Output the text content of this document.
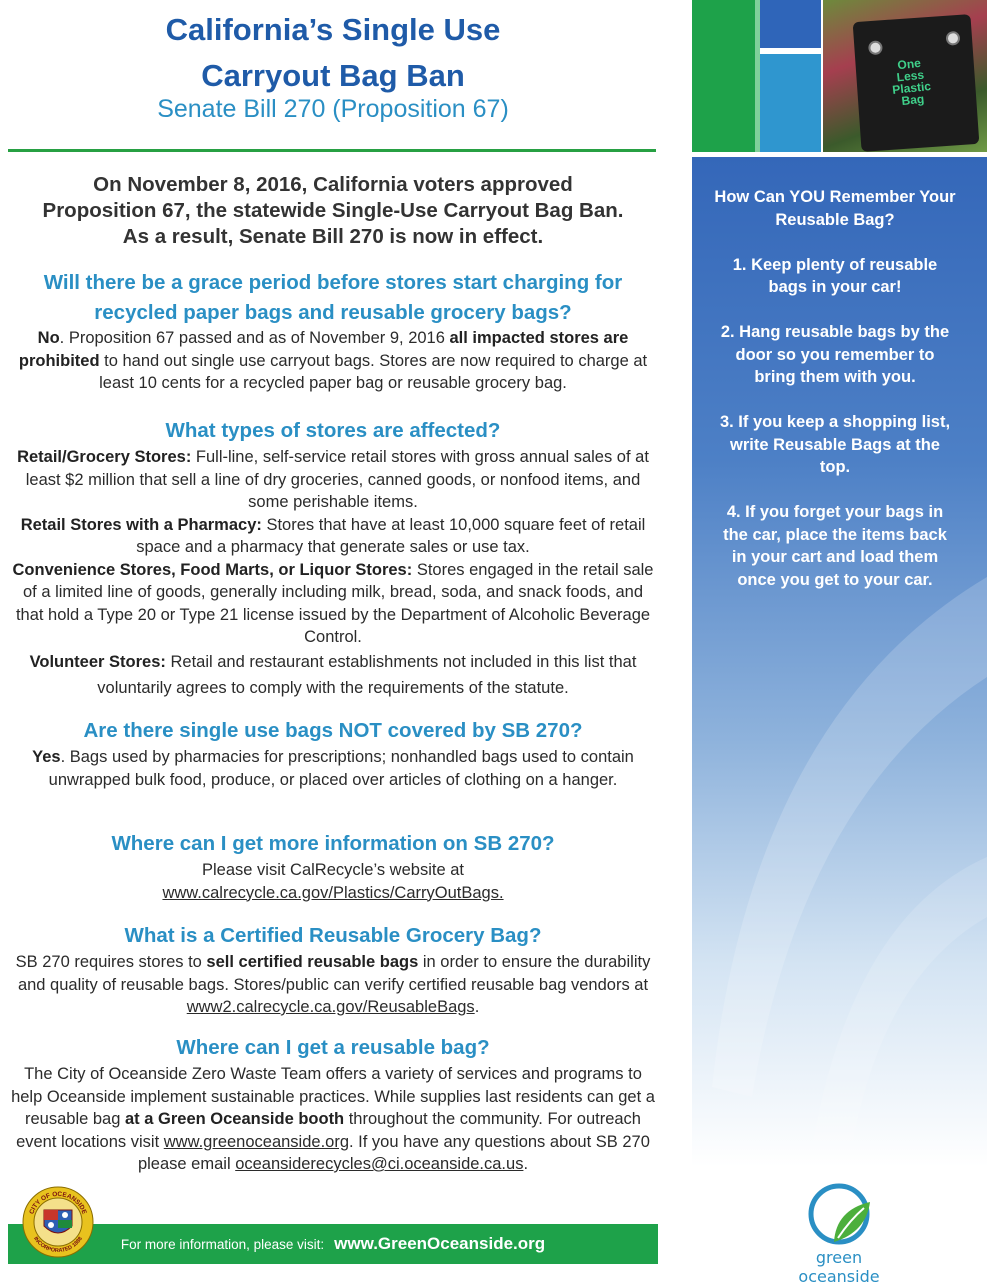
California’s Single Use
Carryout Bag Ban
Senate Bill 270 (Proposition 67)
On November 8, 2016, California voters approved
Proposition 67, the statewide Single-Use Carryout Bag Ban.
As a result, Senate Bill 270 is now in effect.
Will there be a grace period before stores start charging for
recycled paper bags and reusable grocery bags?
No. Proposition 67 passed and as of November 9, 2016 all impacted stores are prohibited to hand out single use carryout bags. Stores are now required to charge at least 10 cents for a recycled paper bag or reusable grocery bag.
What types of stores are affected?
Retail/Grocery Stores: Full-line, self-service retail stores with gross annual sales of at least $2 million that sell a line of dry groceries, canned goods, or nonfood items, and some perishable items.
Retail Stores with a Pharmacy: Stores that have at least 10,000 square feet of retail space and a pharmacy that generate sales or use tax.
Convenience Stores, Food Marts, or Liquor Stores: Stores engaged in the retail sale of a limited line of goods, generally including milk, bread, soda, and snack foods, and that hold a Type 20 or Type 21 license issued by the Department of Alcoholic Beverage Control.
Volunteer Stores: Retail and restaurant establishments not included in this list that voluntarily agrees to comply with the requirements of the statute.
Are there single use bags NOT covered by SB 270?
Yes. Bags used by pharmacies for prescriptions; nonhandled bags used to contain unwrapped bulk food, produce, or placed over articles of clothing on a hanger.
Where can I get more information on SB 270?
Please visit CalRecycle’s website at
www.calrecycle.ca.gov/Plastics/CarryOutBags.
What is a Certified Reusable Grocery Bag?
SB 270 requires stores to sell certified reusable bags in order to ensure the durability and quality of reusable bags. Stores/public can verify certified reusable bag vendors at www2.calrecycle.ca.gov/ReusableBags.
Where can I get a reusable bag?
The City of Oceanside Zero Waste Team offers a variety of services and programs to help Oceanside implement sustainable practices. While supplies last residents can get a reusable bag at a Green Oceanside booth throughout the community. For outreach event locations visit www.greenoceanside.org. If you have any questions about SB 270 please email oceansiderecycles@ci.oceanside.ca.us.
For more information, please visit: www.GreenOceanside.org
CITY OF OCEANSIDE
INCORPORATED 1888
One Less Plastic Bag
How Can YOU Remember Your Reusable Bag?
1. Keep plenty of reusable bags in your car!
2. Hang reusable bags by the door so you remember to bring them with you.
3. If you keep a shopping list, write Reusable Bags at the top.
4. If you forget your bags in the car, place the items back in your cart and load them once you get to your car.
green oceanside
